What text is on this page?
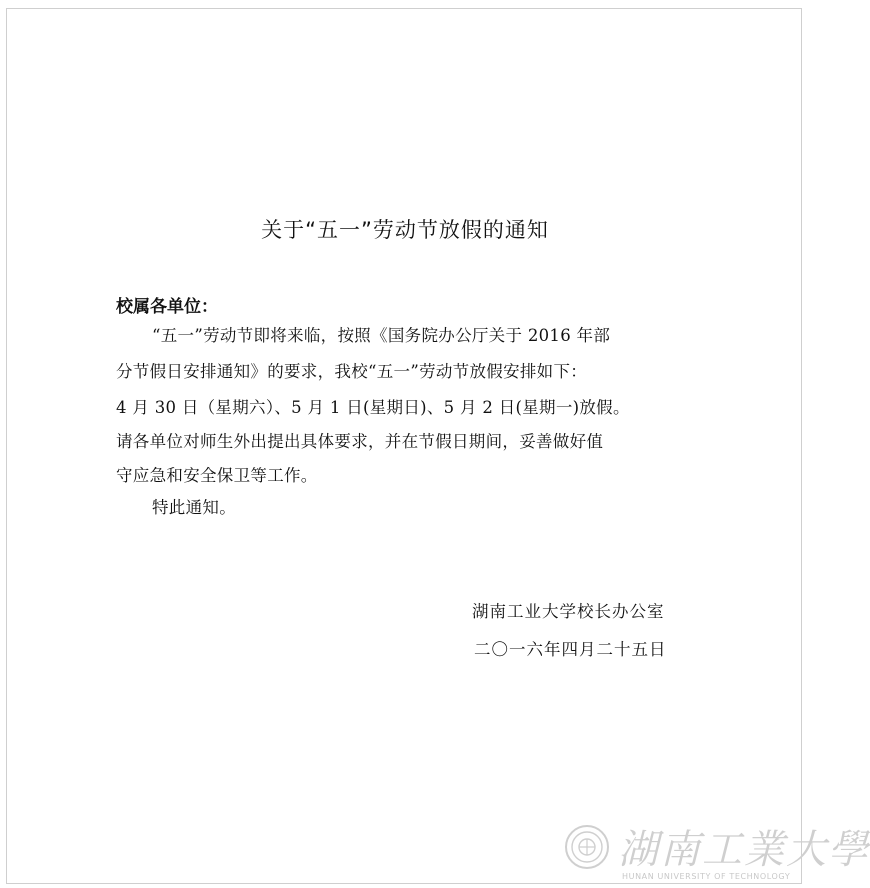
关于“五一”劳动节放假的通知
校属各单位：
“五一”劳动节即将来临，按照《国务院办公厅关于 2016 年部
分节假日安排通知》的要求，我校“五一”劳动节放假安排如下：
4 月 30 日（星期六）、5 月 1 日(星期日)、5 月 2 日(星期一)放假。
请各单位对师生外出提出具体要求，并在节假日期间，妥善做好值
守应急和安全保卫等工作。
特此通知。
湖南工业大学校长办公室
二〇一六年四月二十五日
湖南工業大學
HUNAN UNIVERSITY OF TECHNOLOGY
